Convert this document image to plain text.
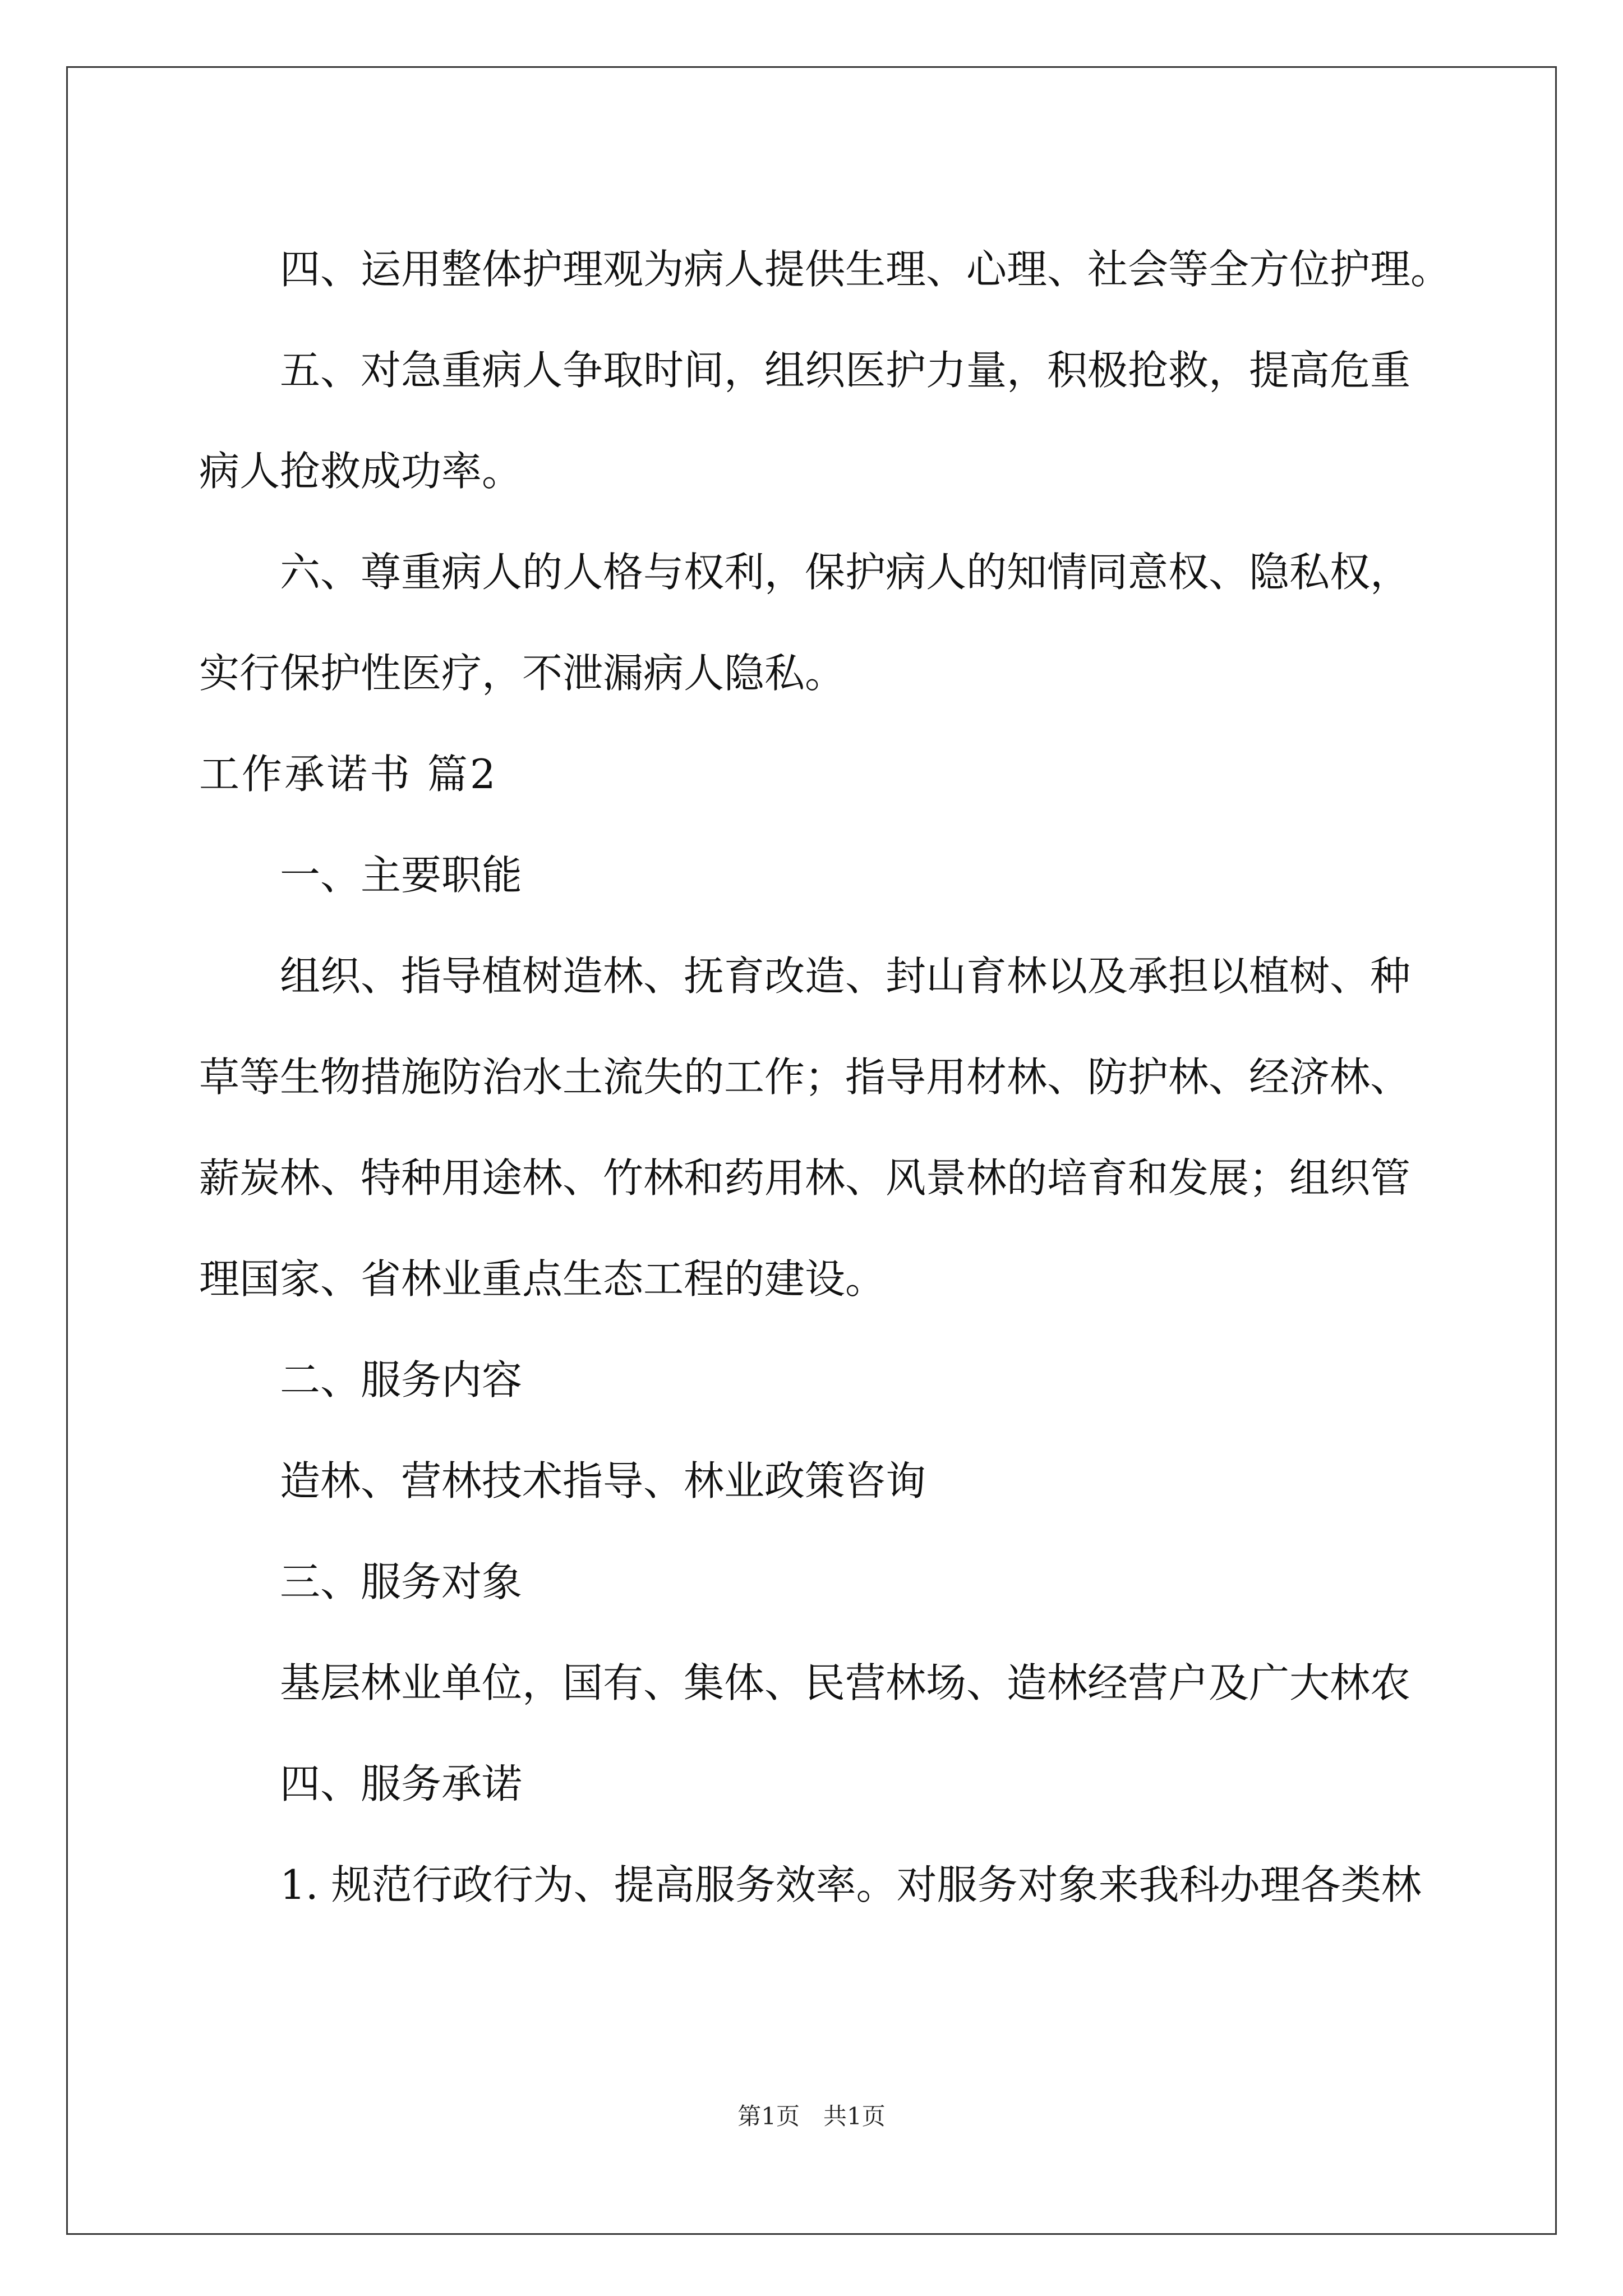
四、运用整体护理观为病人提供生理、心理、社会等全方位护理。

五、对急重病人争取时间，组织医护力量，积极抢救，提高危重

病人抢救成功率。

六、尊重病人的人格与权利，保护病人的知情同意权、隐私权，

实行保护性医疗，不泄漏病人隐私。

工作承诺书 篇2

一、主要职能

组织、指导植树造林、抚育改造、封山育林以及承担以植树、种

草等生物措施防治水土流失的工作；指导用材林、防护林、经济林、

薪炭林、特种用途林、竹林和药用林、风景林的培育和发展；组织管

理国家、省林业重点生态工程的建设。

二、服务内容

造林、营林技术指导、林业政策咨询

三、服务对象

基层林业单位，国有、集体、民营林场、造林经营户及广大林农

四、服务承诺

1. 规范行政行为、提高服务效率。对服务对象来我科办理各类林

第1页　共1页
